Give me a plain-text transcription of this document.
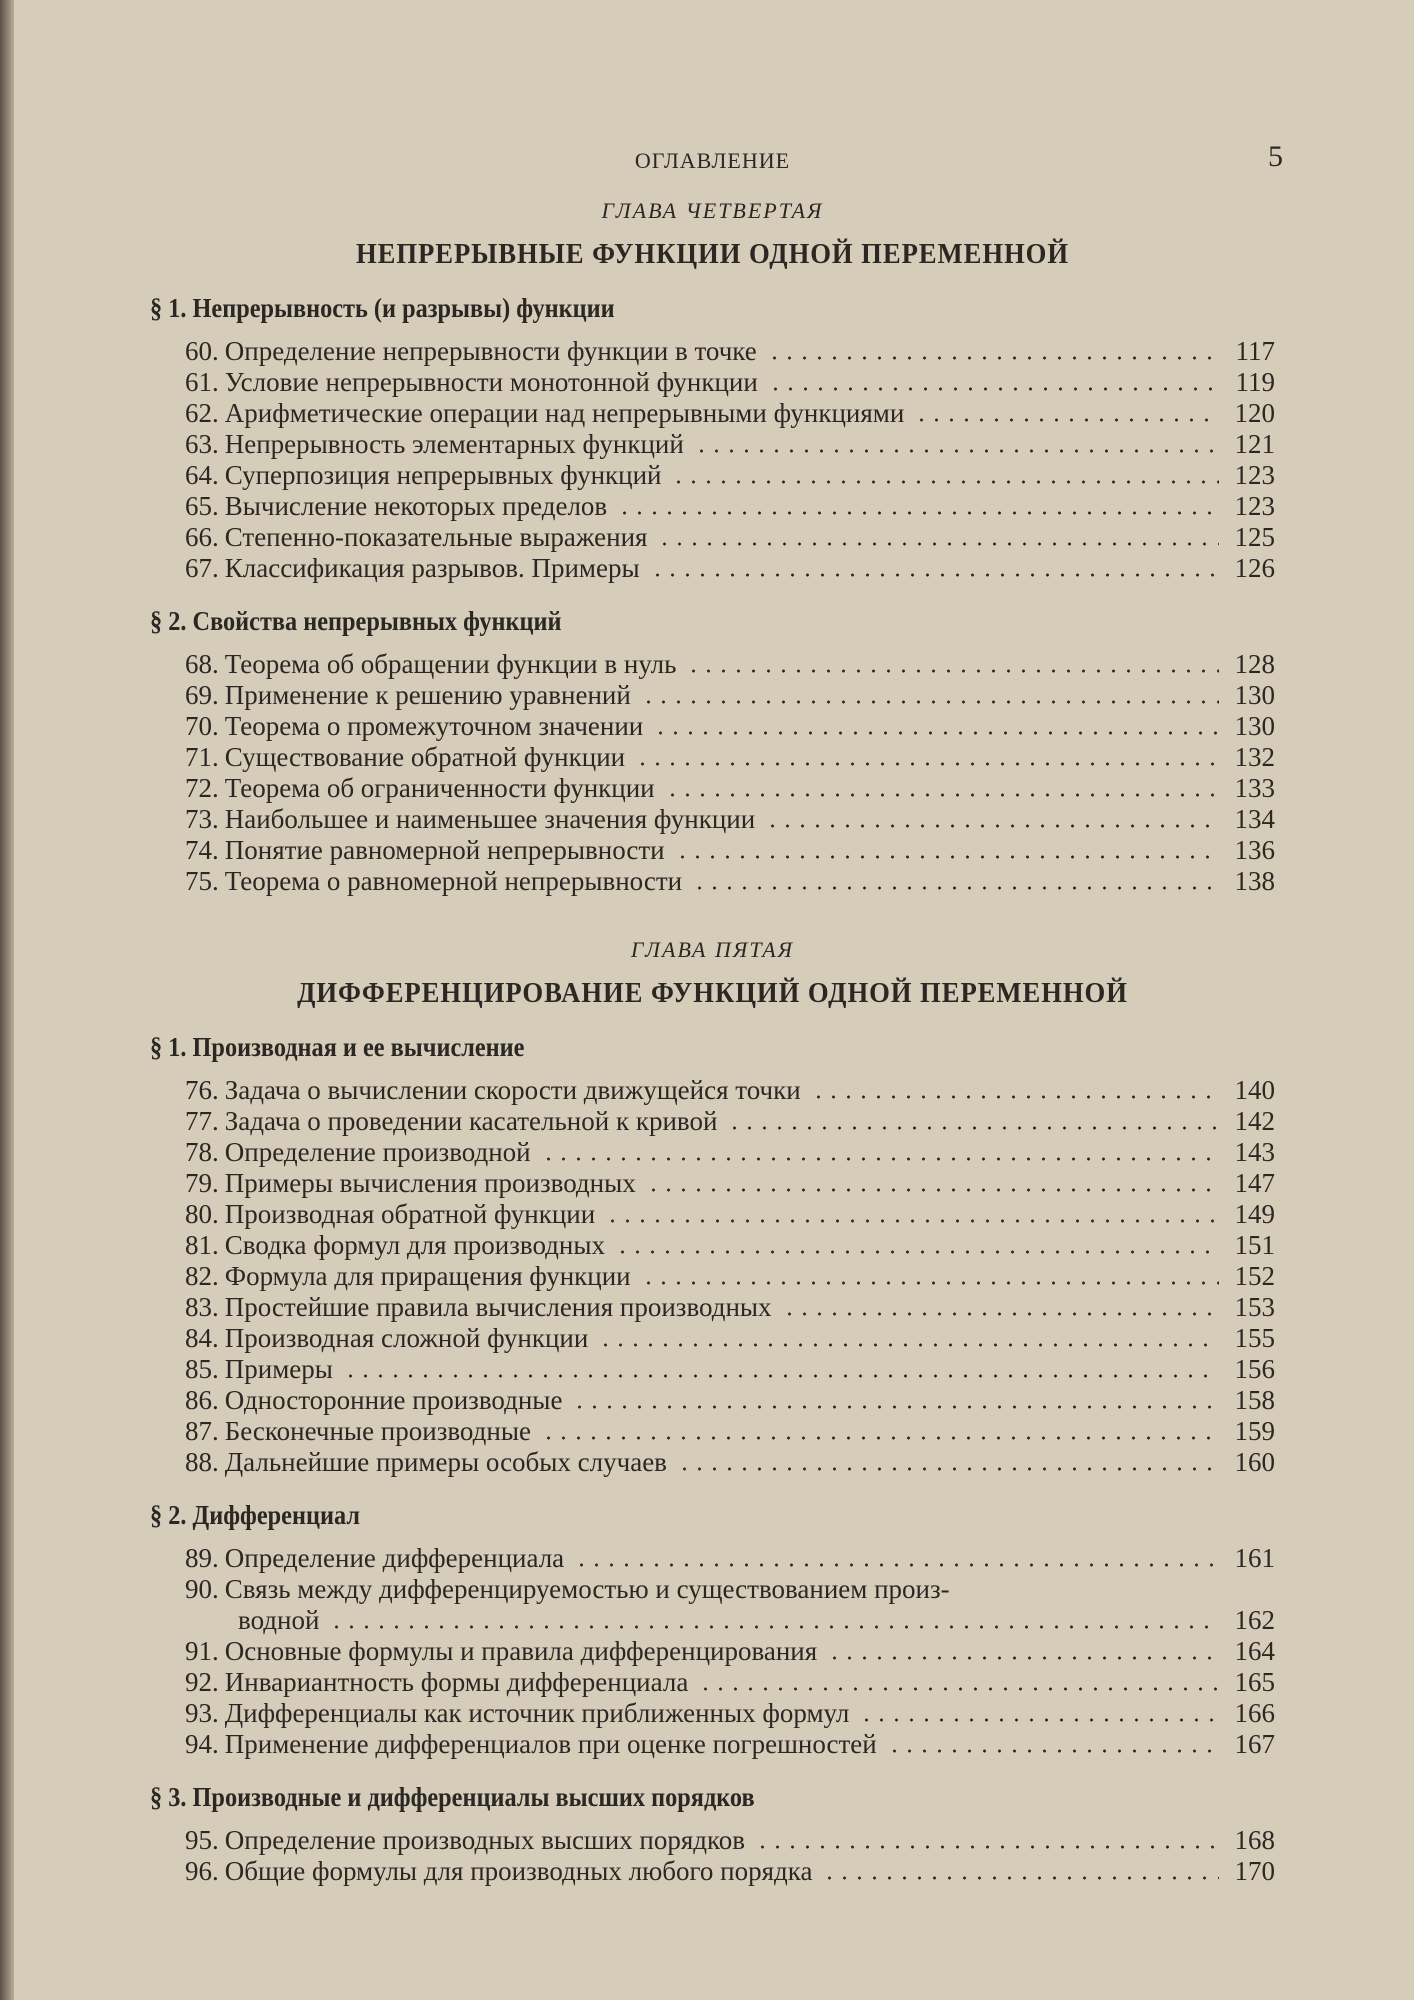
ОГЛАВЛЕНИЕ	5
ГЛАВА ЧЕТВЕРТАЯ
НЕПРЕРЫВНЫЕ ФУНКЦИИ ОДНОЙ ПЕРЕМЕННОЙ
§ 1. Непрерывность (и разрывы) функции
60. Определение непрерывности функции в точке	117
61. Условие непрерывности монотонной функции	119
62. Арифметические операции над непрерывными функциями	120
63. Непрерывность элементарных функций	121
64. Суперпозиция непрерывных функций	123
65. Вычисление некоторых пределов	123
66. Степенно-показательные выражения	125
67. Классификация разрывов. Примеры	126
§ 2. Свойства непрерывных функций
68. Теорема об обращении функции в нуль	128
69. Применение к решению уравнений	130
70. Теорема о промежуточном значении	130
71. Существование обратной функции	132
72. Теорема об ограниченности функции	133
73. Наибольшее и наименьшее значения функции	134
74. Понятие равномерной непрерывности	136
75. Теорема о равномерной непрерывности	138
ГЛАВА ПЯТАЯ
ДИФФЕРЕНЦИРОВАНИЕ ФУНКЦИЙ ОДНОЙ ПЕРЕМЕННОЙ
§ 1. Производная и ее вычисление
76. Задача о вычислении скорости движущейся точки	140
77. Задача о проведении касательной к кривой	142
78. Определение производной	143
79. Примеры вычисления производных	147
80. Производная обратной функции	149
81. Сводка формул для производных	151
82. Формула для приращения функции	152
83. Простейшие правила вычисления производных	153
84. Производная сложной функции	155
85. Примеры	156
86. Односторонние производные	158
87. Бесконечные производные	159
88. Дальнейшие примеры особых случаев	160
§ 2. Дифференциал
89. Определение дифференциала	161
90. Связь между дифференцируемостью и существованием произ-
водной	162
91. Основные формулы и правила дифференцирования	164
92. Инвариантность формы дифференциала	165
93. Дифференциалы как источник приближенных формул	166
94. Применение дифференциалов при оценке погрешностей	167
§ 3. Производные и дифференциалы высших порядков
95. Определение производных высших порядков	168
96. Общие формулы для производных любого порядка	170
